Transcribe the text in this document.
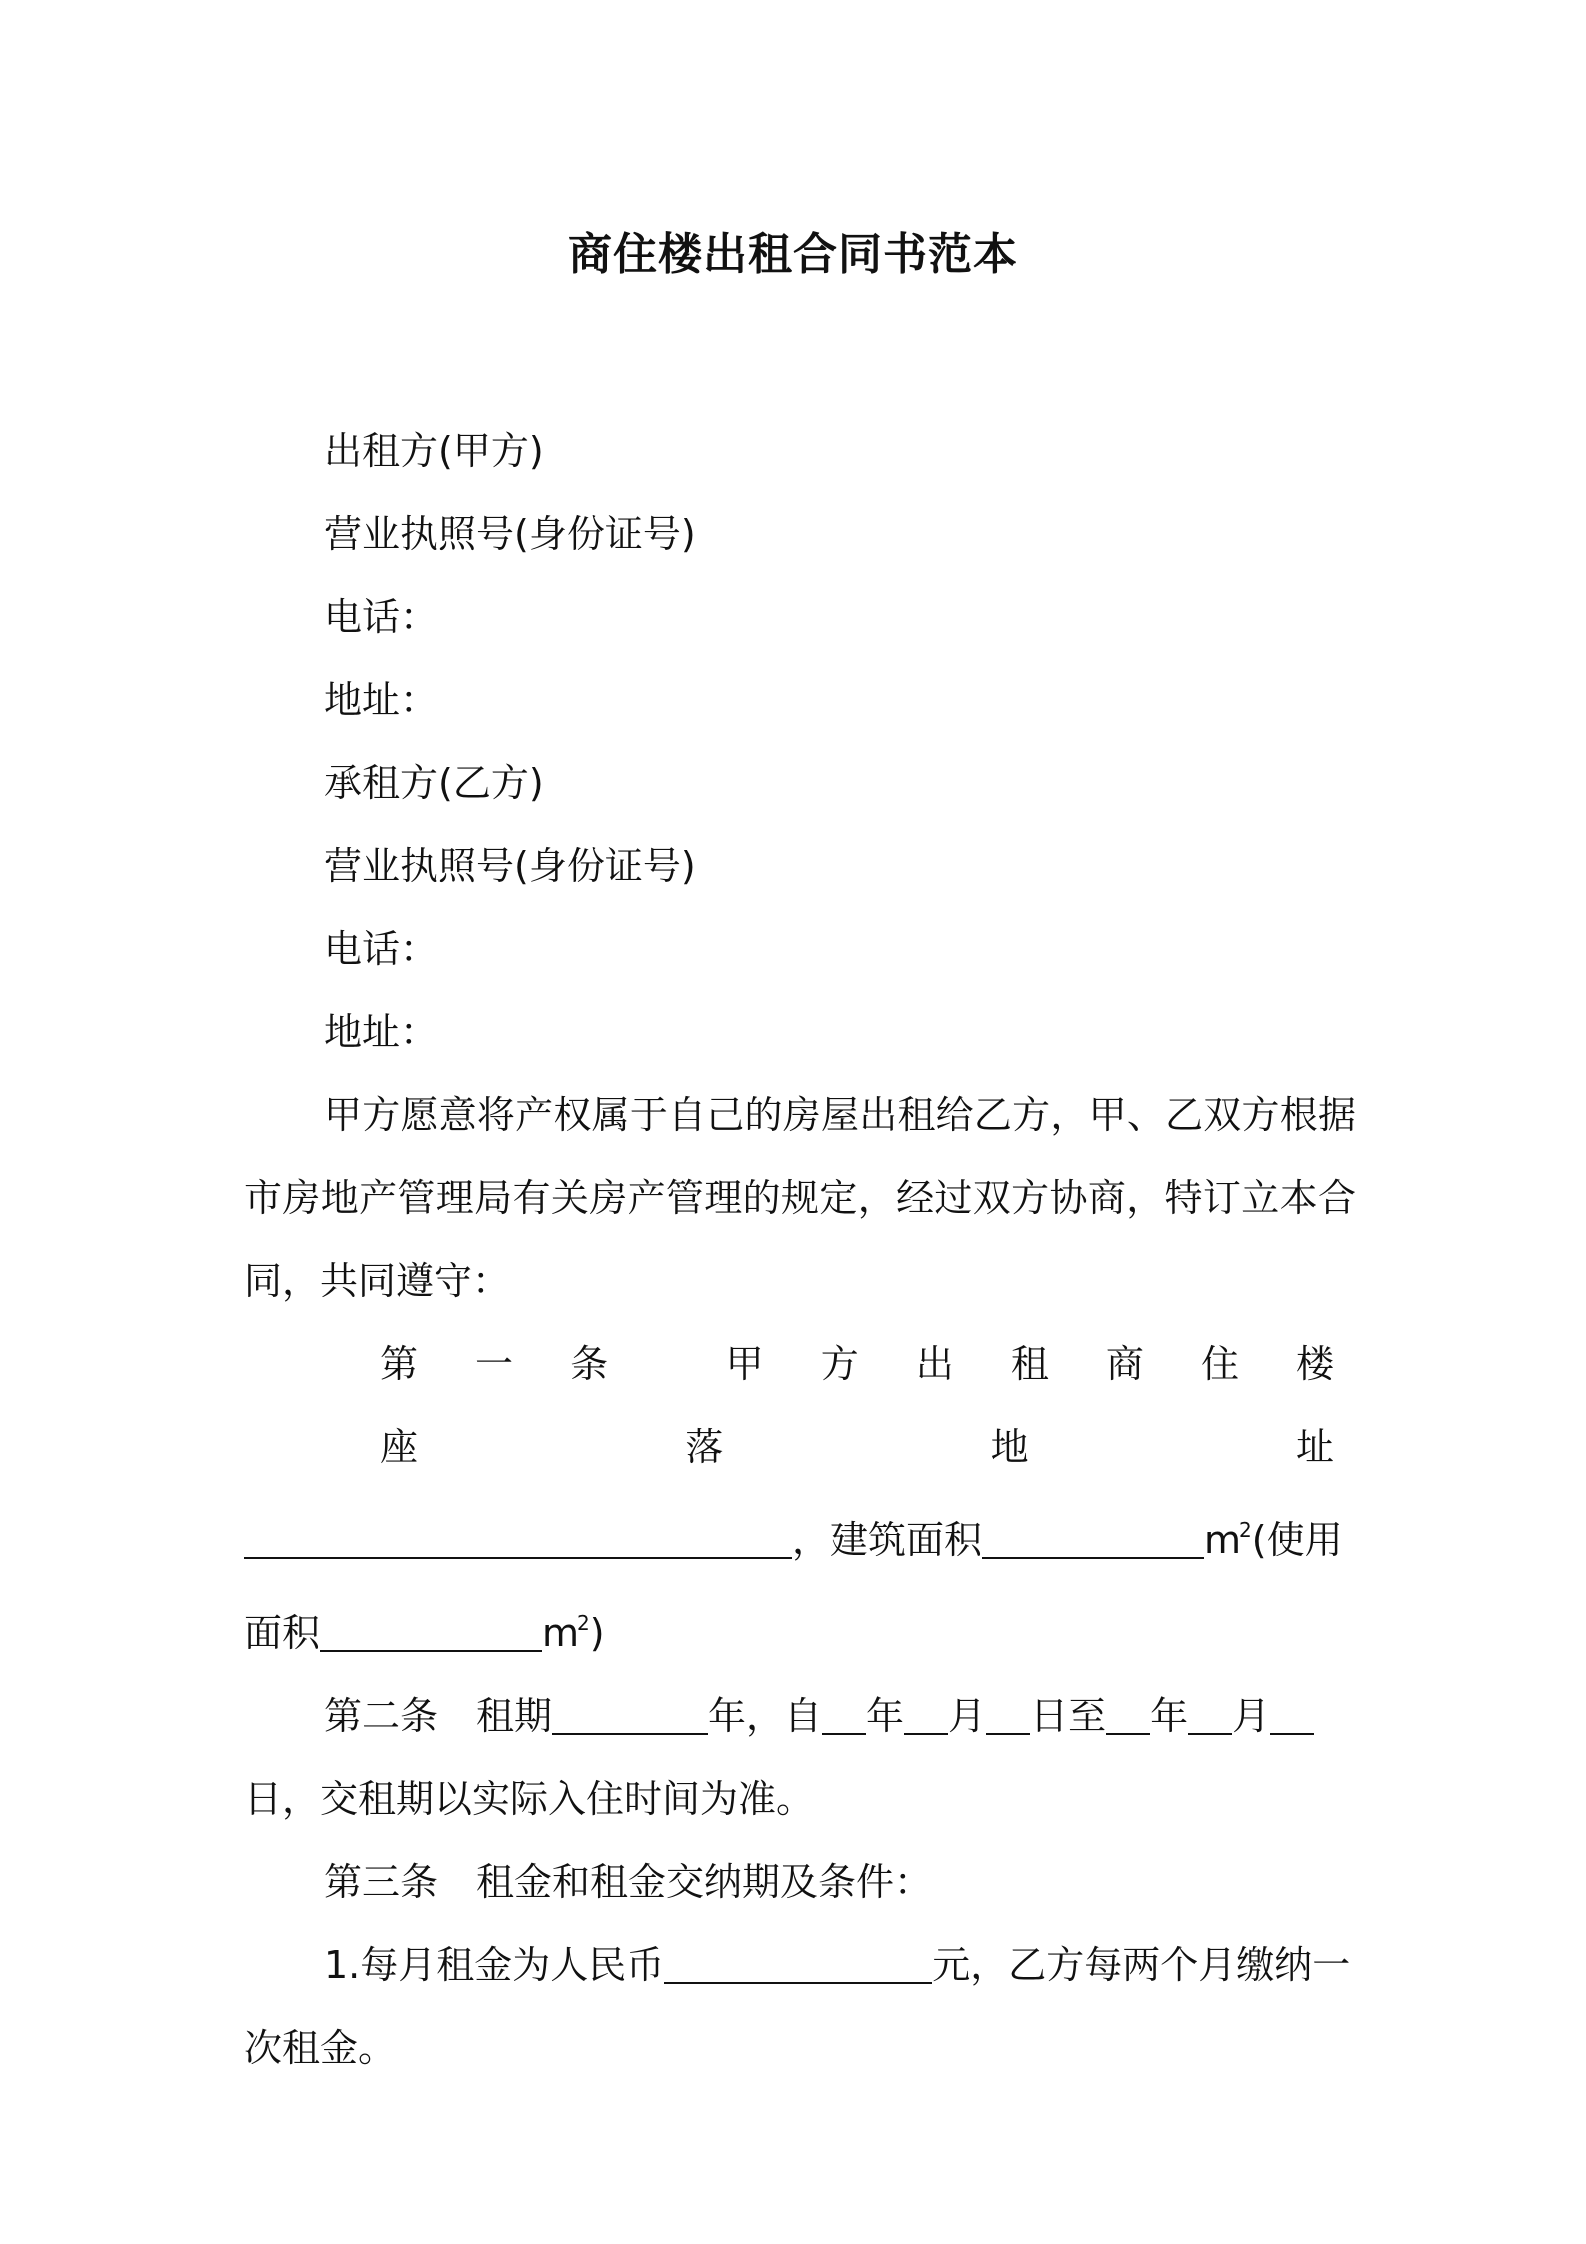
商住楼出租合同书范本
出租方(甲方)
营业执照号(身份证号)
电话：
地址：
承租方(乙方)
营业执照号(身份证号)
电话：
地址：
甲方愿意将产权属于自己的房屋出租给乙方，甲、乙双方根据市房地产管理局有关房产管理的规定，经过双方协商，特订立本合同，共同遵守：
第 一 条　 甲 方 出 租 商 住 楼 座 落 地 址
，建筑面积	$m^2$(使用
面积	$m^2$)
第二条　租期	年，自 年 月 日至 年 月
日，交租期以实际入住时间为准。
第三条　租金和租金交纳期及条件：
1.每月租金为人民币	元，乙方每两个月缴纳一次租金。
